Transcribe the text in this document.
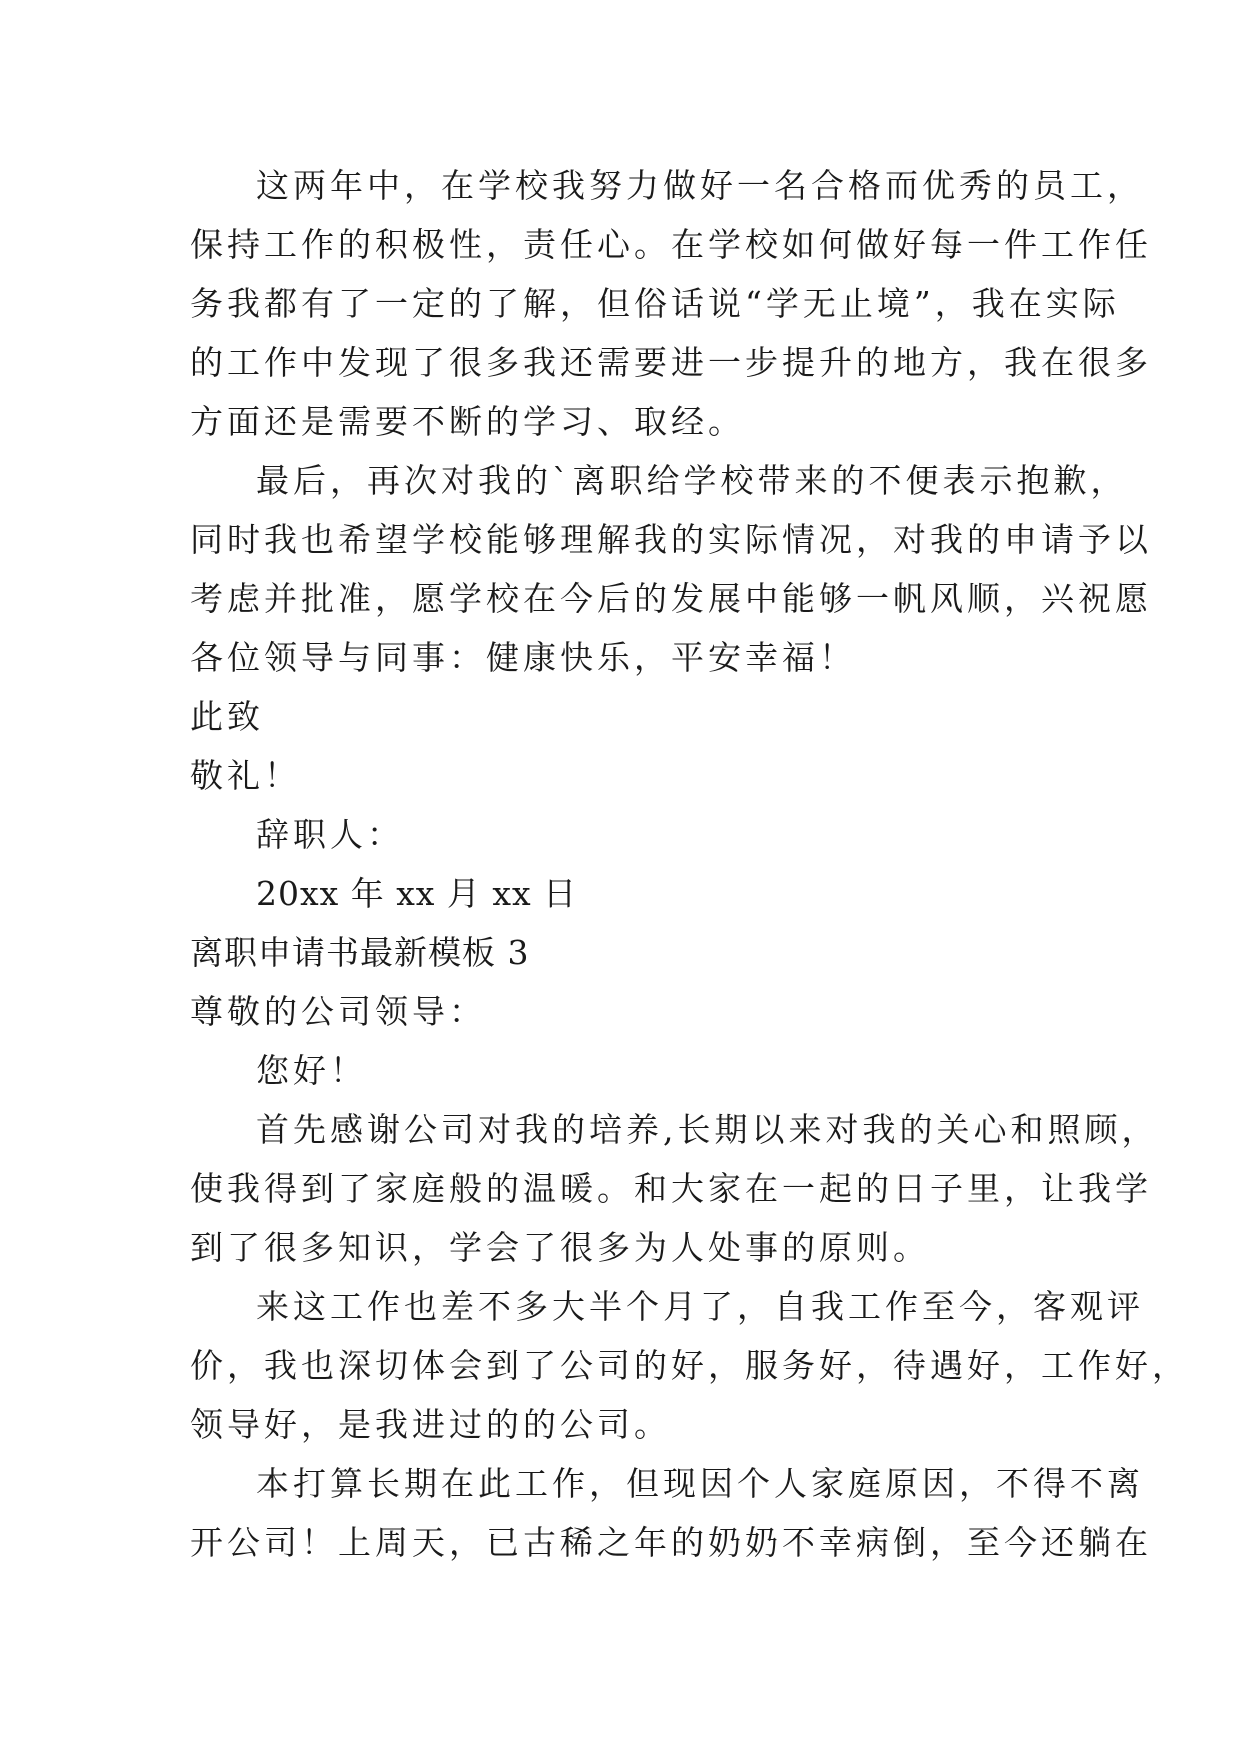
这两年中，在学校我努力做好一名合格而优秀的员工，
保持工作的积极性，责任心。在学校如何做好每一件工作任
务我都有了一定的了解，但俗话说“学无止境”，我在实际
的工作中发现了很多我还需要进一步提升的地方，我在很多
方面还是需要不断的学习、取经。
最后，再次对我的`离职给学校带来的不便表示抱歉，
同时我也希望学校能够理解我的实际情况，对我的申请予以
考虑并批准，愿学校在今后的发展中能够一帆风顺，兴祝愿
各位领导与同事：健康快乐，平安幸福！
此致
敬礼！
辞职人：
20xx 年 xx 月 xx 日
离职申请书最新模板 3
尊敬的公司领导：
您好！
首先感谢公司对我的培养,长期以来对我的关心和照顾，
使我得到了家庭般的温暖。和大家在一起的日子里，让我学
到了很多知识，学会了很多为人处事的原则。
来这工作也差不多大半个月了，自我工作至今，客观评
价，我也深切体会到了公司的好，服务好，待遇好，工作好，
领导好，是我进过的的公司。
本打算长期在此工作，但现因个人家庭原因，不得不离
开公司！上周天，已古稀之年的奶奶不幸病倒，至今还躺在
